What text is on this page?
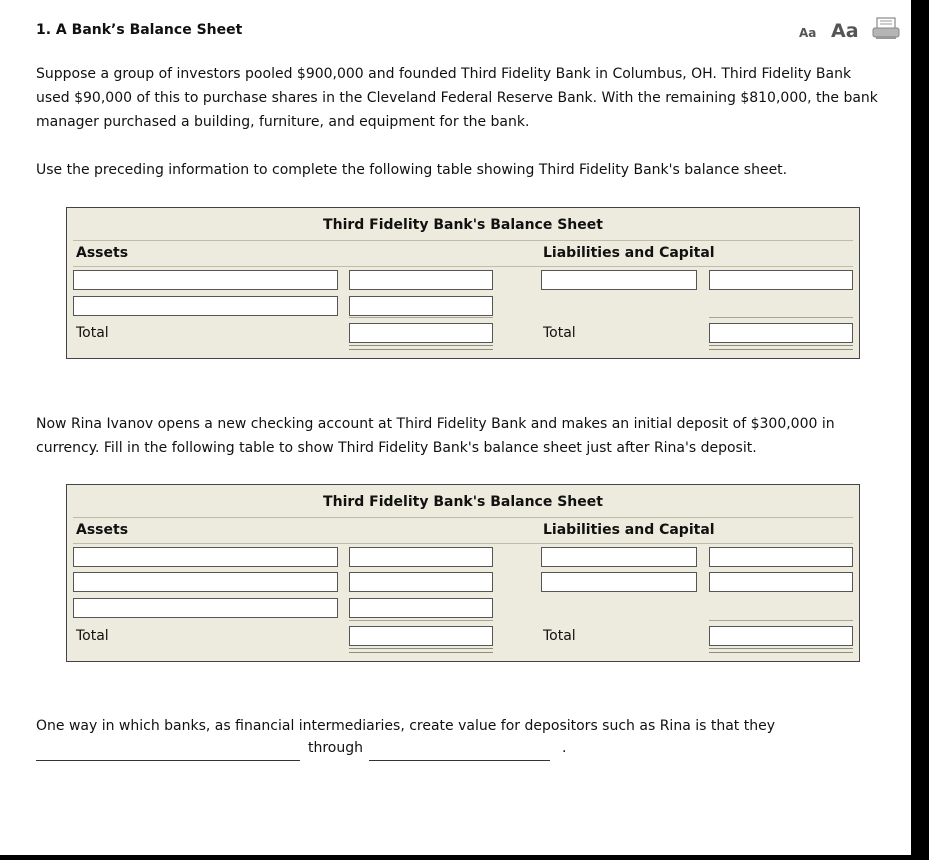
1. A Bank’s Balance Sheet	Aa Aa
Suppose a group of investors pooled $900,000 and founded Third Fidelity Bank in Columbus, OH. Third Fidelity Bank used $90,000 of this to purchase shares in the Cleveland Federal Reserve Bank. With the remaining $810,000, the bank manager purchased a building, furniture, and equipment for the bank.
Use the preceding information to complete the following table showing Third Fidelity Bank's balance sheet.
Third Fidelity Bank's Balance Sheet
Assets	Liabilities and Capital
Total	Total
Now Rina Ivanov opens a new checking account at Third Fidelity Bank and makes an initial deposit of $300,000 in currency. Fill in the following table to show Third Fidelity Bank's balance sheet just after Rina's deposit.
Third Fidelity Bank's Balance Sheet
Assets	Liabilities and Capital
Total	Total
One way in which banks, as financial intermediaries, create value for depositors such as Rina is that they
through	.
